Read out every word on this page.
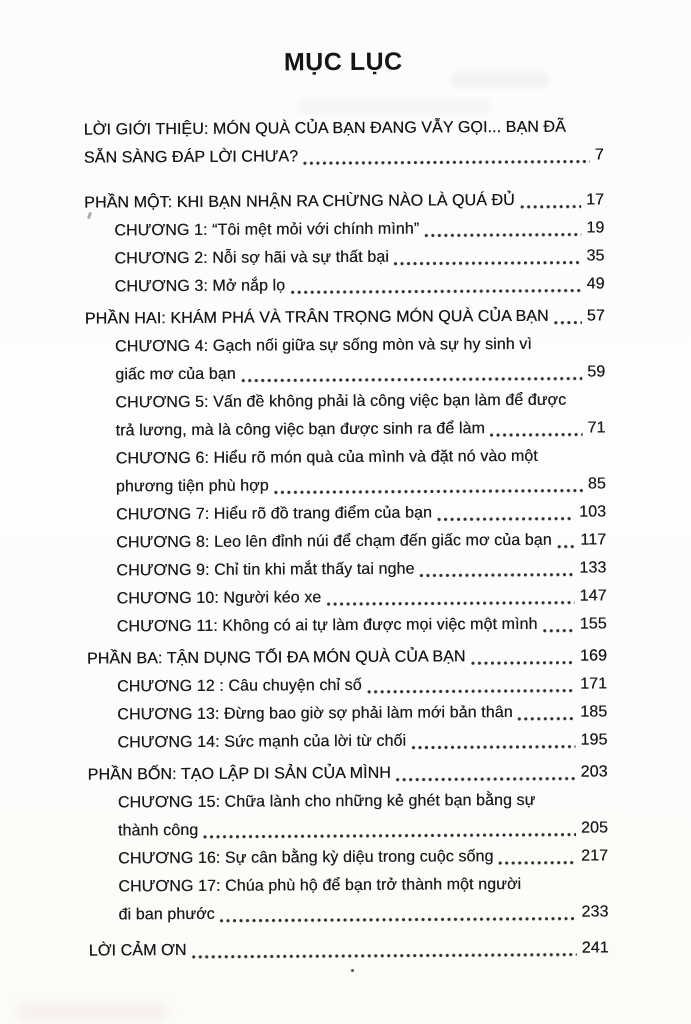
MỤC LỤC
LỜI GIỚI THIỆU: MÓN QUÀ CỦA BẠN ĐANG VẪY GỌI... BẠN ĐÃ
SẴN SÀNG ĐÁP LỜI CHƯA?	7
PHẦN MỘT: KHI BẠN NHẬN RA CHỪNG NÀO LÀ QUÁ ĐỦ	17
CHƯƠNG 1: “Tôi mệt mỏi với chính mình”	19
CHƯƠNG 2: Nỗi sợ hãi và sự thất bại	35
CHƯƠNG 3: Mở nắp lọ	49
PHẦN HAI: KHÁM PHÁ VÀ TRÂN TRỌNG MÓN QUÀ CỦA BẠN 57
CHƯƠNG 4: Gạch nối giữa sự sống mòn và sự hy sinh vì
giấc mơ của bạn	59
CHƯƠNG 5: Vấn đề không phải là công việc bạn làm để được
trả lương, mà là công việc bạn được sinh ra để làm	71
CHƯƠNG 6: Hiểu rõ món quà của mình và đặt nó vào một
phương tiện phù hợp	85
CHƯƠNG 7: Hiểu rõ đồ trang điểm của bạn	103
CHƯƠNG 8: Leo lên đỉnh núi để chạm đến giấc mơ của bạn 117
CHƯƠNG 9: Chỉ tin khi mắt thấy tai nghe	133
CHƯƠNG 10: Người kéo xe	147
CHƯƠNG 11: Không có ai tự làm được mọi việc một mình	155
PHẦN BA: TẬN DỤNG TỐI ĐA MÓN QUÀ CỦA BẠN	169
CHƯƠNG 12 : Câu chuyện chỉ số	171
CHƯƠNG 13: Đừng bao giờ sợ phải làm mới bản thân	185
CHƯƠNG 14: Sức mạnh của lời từ chối	195
PHẦN BỐN: TẠO LẬP DI SẢN CỦA MÌNH	203
CHƯƠNG 15: Chữa lành cho những kẻ ghét bạn bằng sự
thành công	205
CHƯƠNG 16: Sự cân bằng kỳ diệu trong cuộc sống	217
CHƯƠNG 17: Chúa phù hộ để bạn trở thành một người
đi ban phước	233
LỜI CẢM ƠN	241
